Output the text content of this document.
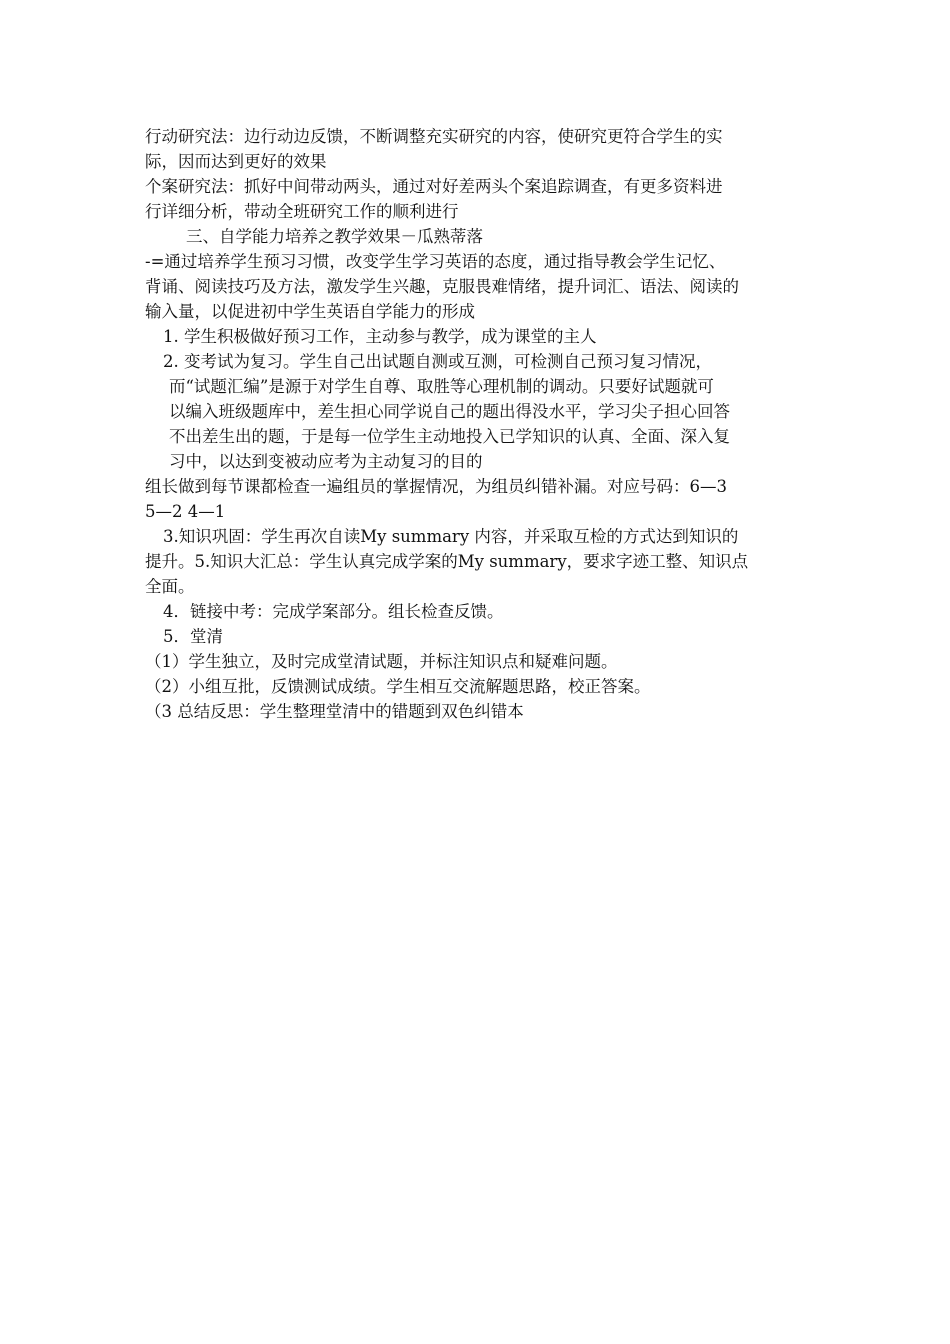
行动研究法：边行动边反馈，不断调整充实研究的内容，使研究更符合学生的实
际，因而达到更好的效果
个案研究法：抓好中间带动两头，通过对好差两头个案追踪调查，有更多资料进
行详细分析，带动全班研究工作的顺利进行
三、自学能力培养之教学效果－瓜熟蒂落
-=通过培养学生预习习惯，改变学生学习英语的态度，通过指导教会学生记忆、
背诵、阅读技巧及方法，激发学生兴趣，克服畏难情绪，提升词汇、语法、阅读的
输入量，以促进初中学生英语自学能力的形成
1. 学生积极做好预习工作，主动参与教学，成为课堂的主人
2. 变考试为复习。学生自己出试题自测或互测，可检测自己预习复习情况，
而“试题汇编”是源于对学生自尊、取胜等心理机制的调动。只要好试题就可
以编入班级题库中，差生担心同学说自己的题出得没水平，学习尖子担心回答
不出差生出的题，于是每一位学生主动地投入已学知识的认真、全面、深入复
习中，以达到变被动应考为主动复习的目的
组长做到每节课都检查一遍组员的掌握情况，为组员纠错补漏。对应号码：6—3
5—2 4—1
3.知识巩固：学生再次自读My summary 内容，并采取互检的方式达到知识的
提升。5.知识大汇总：学生认真完成学案的My summary，要求字迹工整、知识点
全面。
4．链接中考：完成学案部分。组长检查反馈。
5．堂清
（1）学生独立，及时完成堂清试题，并标注知识点和疑难问题。
（2）小组互批，反馈测试成绩。学生相互交流解题思路，校正答案。
（3 总结反思：学生整理堂清中的错题到双色纠错本
